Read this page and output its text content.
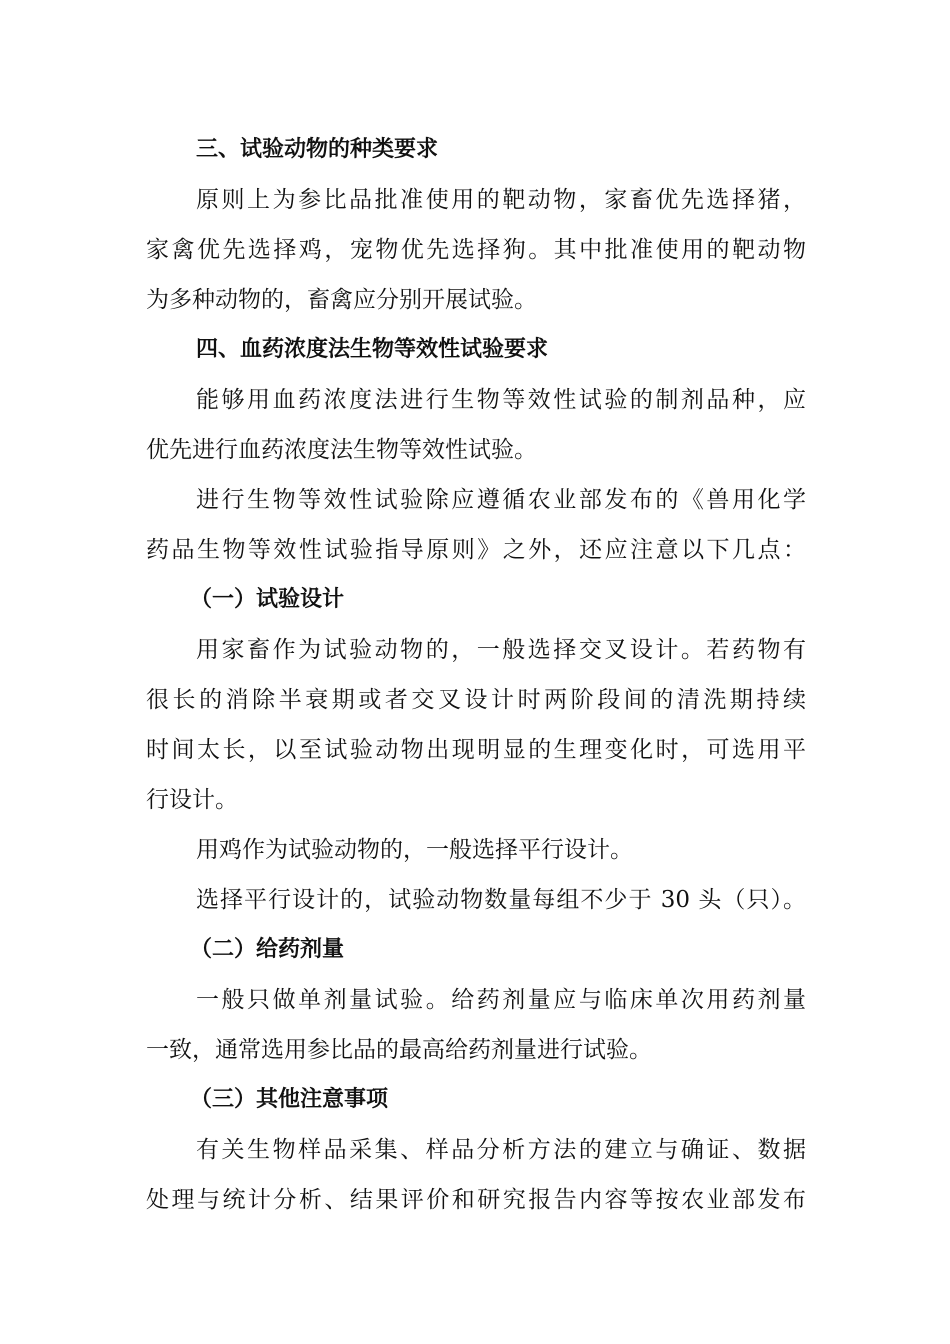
三、试验动物的种类要求
原则上为参比品批准使用的靶动物，家畜优先选择猪，
家禽优先选择鸡，宠物优先选择狗。其中批准使用的靶动物
为多种动物的，畜禽应分别开展试验。
四、血药浓度法生物等效性试验要求
能够用血药浓度法进行生物等效性试验的制剂品种，应
优先进行血药浓度法生物等效性试验。
进行生物等效性试验除应遵循农业部发布的《兽用化学
药品生物等效性试验指导原则》之外，还应注意以下几点：
（一）试验设计
用家畜作为试验动物的，一般选择交叉设计。若药物有
很长的消除半衰期或者交叉设计时两阶段间的清洗期持续
时间太长，以至试验动物出现明显的生理变化时，可选用平
行设计。
用鸡作为试验动物的，一般选择平行设计。
选择平行设计的，试验动物数量每组不少于 30 头（只）。
（二）给药剂量
一般只做单剂量试验。给药剂量应与临床单次用药剂量
一致，通常选用参比品的最高给药剂量进行试验。
（三）其他注意事项
有关生物样品采集、样品分析方法的建立与确证、数据
处理与统计分析、结果评价和研究报告内容等按农业部发布
